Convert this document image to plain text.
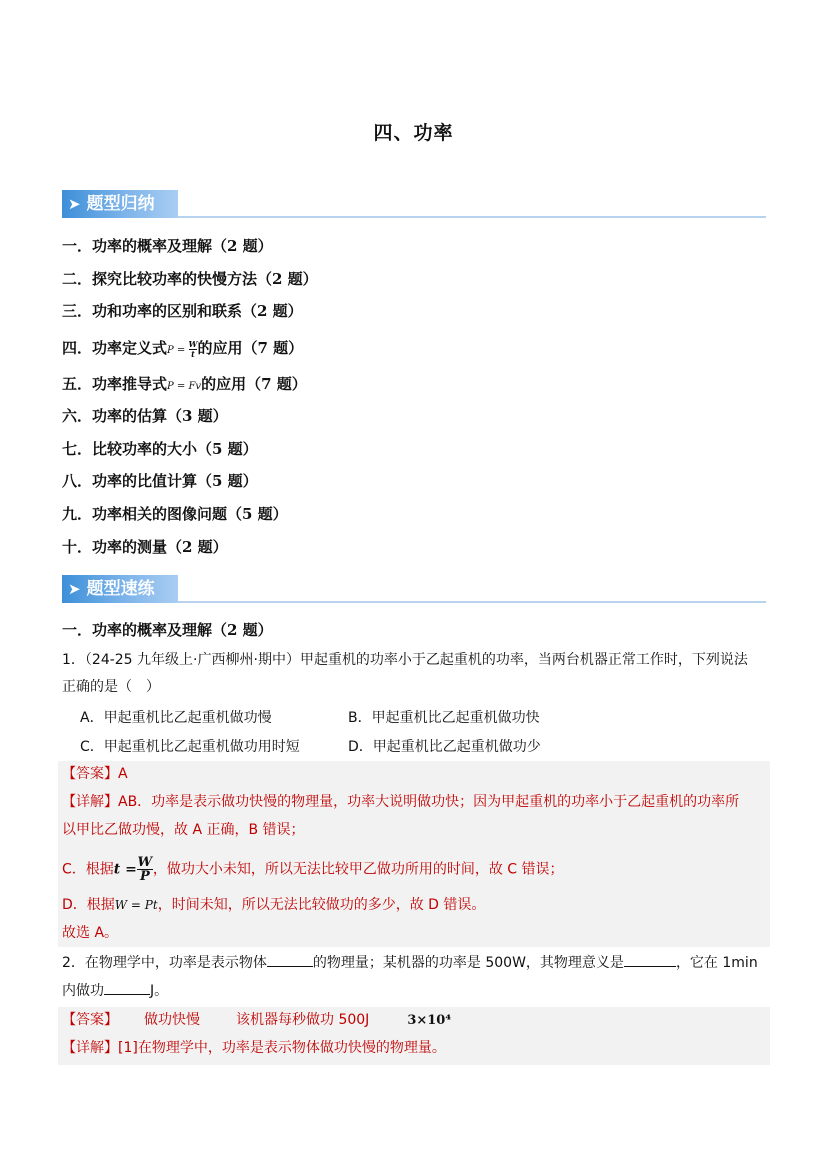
四、功率
➤ 题型归纳
一．功率的概率及理解（2 题）
二．探究比较功率的快慢方法（2 题）
三．功和功率的区别和联系（2 题）
四．功率定义式$P = \frac{W}{t}$的应用（7 题）
五．功率推导式P = Fv的应用（7 题）
六．功率的估算（3 题）
七．比较功率的大小（5 题）
八．功率的比值计算（5 题）
九．功率相关的图像问题（5 题）
十．功率的测量（2 题）
➤ 题型速练
一．功率的概率及理解（2 题）
1．（24-25 九年级上·广西柳州·期中）甲起重机的功率小于乙起重机的功率，当两台机器正常工作时，下列说法
正确的是（　）
A．甲起重机比乙起重机做功慢	B．甲起重机比乙起重机做功快
C．甲起重机比乙起重机做功用时短	D．甲起重机比乙起重机做功少
【答案】A
【详解】AB．功率是表示做功快慢的物理量，功率大说明做功快；因为甲起重机的功率小于乙起重机的功率所
以甲比乙做功慢，故 A 正确，B 错误；
C．根据$t =\frac{W}{P}$，做功大小未知，所以无法比较甲乙做功所用的时间，故 C 错误；
D．根据W = Pt，时间未知，所以无法比较做功的多少，故 D 错误。
故选 A。
2．在物理学中，功率是表示物体	的物理量；某机器的功率是 500W，其物理意义是	，它在 1min
内做功	J。
【答案】 做功快慢	该机器每秒做功 500J	3×10⁴
【详解】[1]在物理学中，功率是表示物体做功快慢的物理量。
